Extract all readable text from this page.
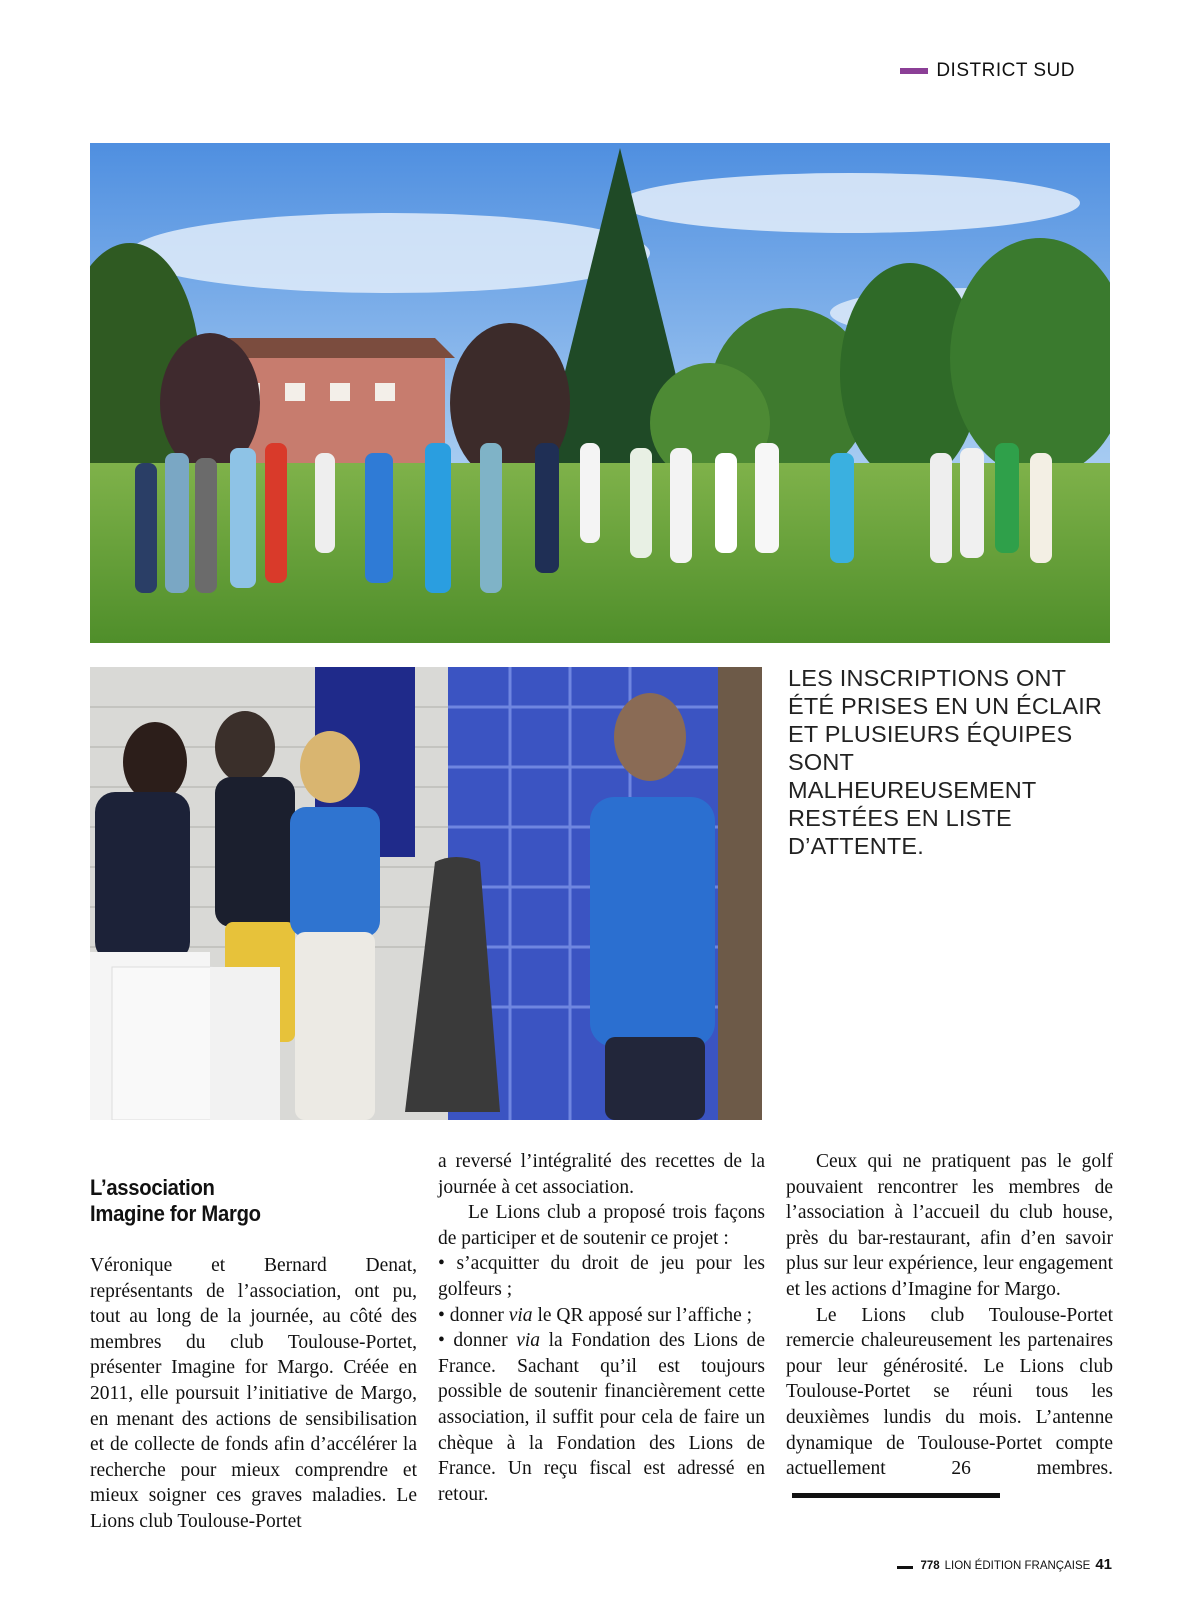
DISTRICT SUD
LES INSCRIPTIONS ONT ÉTÉ PRISES EN UN ÉCLAIR ET PLUSIEURS ÉQUIPES SONT MALHEUREUSEMENT RESTÉES EN LISTE D’ATTENTE.
L’association
Imagine for Margo

Véronique et Bernard Denat, représentants de l’association, ont pu, tout au long de la journée, au côté des membres du club Toulouse-Portet, présenter Imagine for Margo. Créée en 2011, elle poursuit l’initiative de Margo, en menant des actions de sensibilisation et de collecte de fonds afin d’accélérer la recherche pour mieux comprendre et mieux soigner ces graves maladies. Le Lions club Toulouse-Portet

a reversé l’intégralité des recettes de la journée à cet association.

Le Lions club a proposé trois façons de participer et de soutenir ce projet :

• s’acquitter du droit de jeu pour les golfeurs ;

• donner via le QR apposé sur l’affiche ;

• donner via la Fondation des Lions de France. Sachant qu’il est toujours possible de soutenir financièrement cette association, il suffit pour cela de faire un chèque à la Fondation des Lions de France. Un reçu fiscal est adressé en retour.

Ceux qui ne pratiquent pas le golf pouvaient rencontrer les membres de l’association à l’accueil du club house, près du bar-restaurant, afin d’en savoir plus sur leur expérience, leur engagement et les actions d’Imagine for Margo.

Le Lions club Toulouse-Portet remercie chaleureusement les partenaires pour leur générosité. Le Lions club Toulouse-Portet se réuni tous les deuxièmes lundis du mois. L’antenne dynamique de Toulouse-Portet compte actuellement 26 membres.

778 LION ÉDITION FRANÇAISE 41
